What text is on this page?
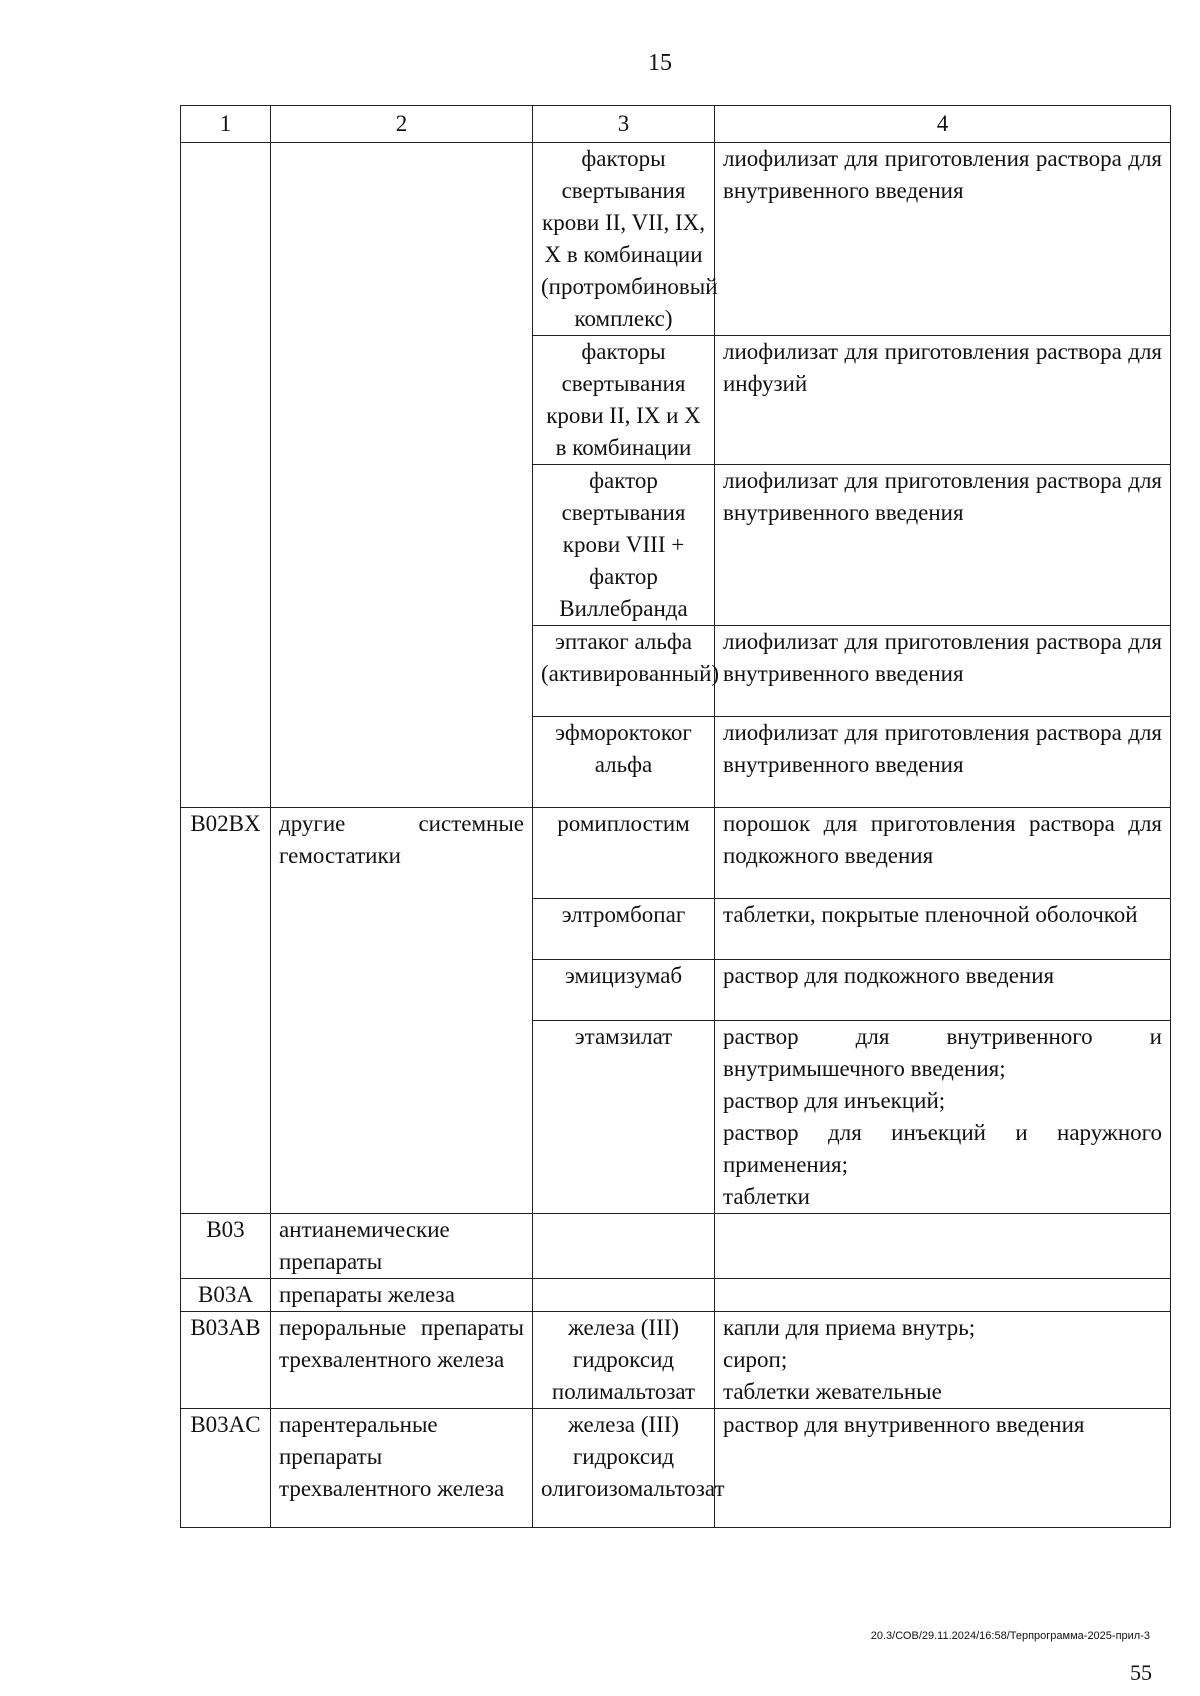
15
1	2	3	4
		факторы свертывания крови II, VII, IX, X в комбинации (протромбиновый комплекс)	лиофилизат для приготовления раствора для внутривенного введения
		факторы свертывания крови II, IX и X в комбинации	лиофилизат для приготовления раствора для инфузий
		фактор свертывания крови VIII + фактор Виллебранда	лиофилизат для приготовления раствора для внутривенного введения
		эптаког альфа (активированный)	лиофилизат для приготовления раствора для внутривенного введения
		эфмороктоког альфа	лиофилизат для приготовления раствора для внутривенного введения
B02BX	другие системные гемостатики	ромиплостим	порошок для приготовления раствора для подкожного введения
		элтромбопаг	таблетки, покрытые пленочной оболочкой
		эмицизумаб	раствор для подкожного введения
		этамзилат	раствор для внутривенного и внутримышечного введения;
раствор для инъекций;
раствор для инъекций и наружного применения;
таблетки
B03	антианемические препараты		
B03A	препараты железа		
B03AB	пероральные препараты трехвалентного железа	железа (III) гидроксид полимальтозат	капли для приема внутрь;
сироп;
таблетки жевательные
B03AC	парентеральные препараты трехвалентного железа	железа (III) гидроксид олигоизомальтозат	раствор для внутривенного введения
20.3/СОВ/29.11.2024/16:58/Терпрограмма-2025-прил-3
55
